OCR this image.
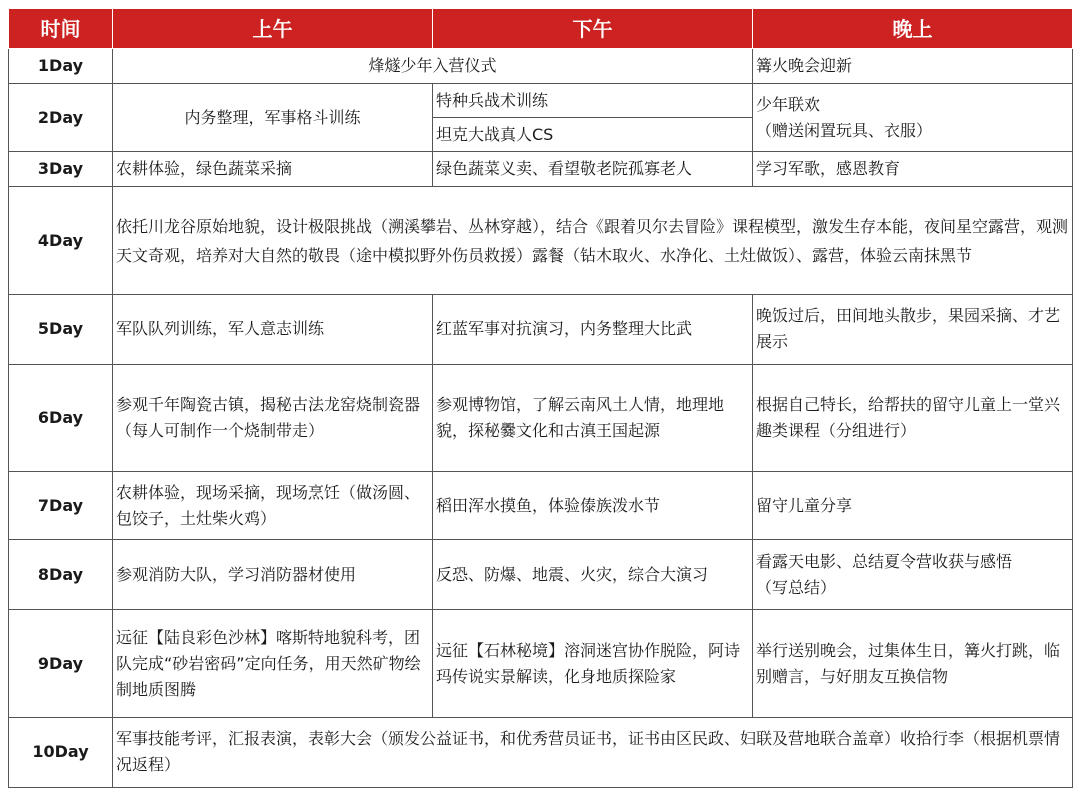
时间	上午	下午	晚上
1Day	烽燧少年入营仪式		篝火晚会迎新
2Day	内务整理，军事格斗训练	特种兵战术训练	少年联欢
（赠送闲置玩具、衣服）

		坦克大战真人CS	
3Day	农耕体验，绿色蔬菜采摘	绿色蔬菜义卖、看望敬老院孤寡老人	学习军歌，感恩教育
4Day	依托川龙谷原始地貌，设计极限挑战（溯溪攀岩、丛林穿越），结合《跟着贝尔去冒险》课程模型，激发生存本能，夜间星空露营，观测天文奇观，培养对大自然的敬畏（途中模拟野外伤员救援）露餐（钻木取火、水净化、土灶做饭）、露营，体验云南抹黑节		
5Day	军队队列训练，军人意志训练	红蓝军事对抗演习，内务整理大比武	晚饭过后，田间地头散步，果园采摘、才艺展示
6Day	参观千年陶瓷古镇，揭秘古法龙窑烧制瓷器（每人可制作一个烧制带走）	参观博物馆，了解云南风土人情，地理地貌，探秘爨文化和古滇王国起源	根据自己特长，给帮扶的留守儿童上一堂兴趣类课程（分组进行）
7Day	农耕体验，现场采摘，现场烹饪（做汤圆、包饺子，土灶柴火鸡）	稻田浑水摸鱼，体验傣族泼水节	留守儿童分享
8Day	参观消防大队，学习消防器材使用	反恐、防爆、地震、火灾，综合大演习	看露天电影、总结夏令营收获与感悟
（写总结）

9Day	远征【陆良彩色沙林】喀斯特地貌科考，团队完成“砂岩密码”定向任务，用天然矿物绘制地质图腾	远征【石林秘境】溶洞迷宫协作脱险，阿诗玛传说实景解读，化身地质探险家	举行送别晚会，过集体生日，篝火打跳，临别赠言，与好朋友互换信物
10Day	军事技能考评，汇报表演，表彰大会（颁发公益证书，和优秀营员证书，证书由区民政、妇联及营地联合盖章）收拾行李（根据机票情况返程）		
